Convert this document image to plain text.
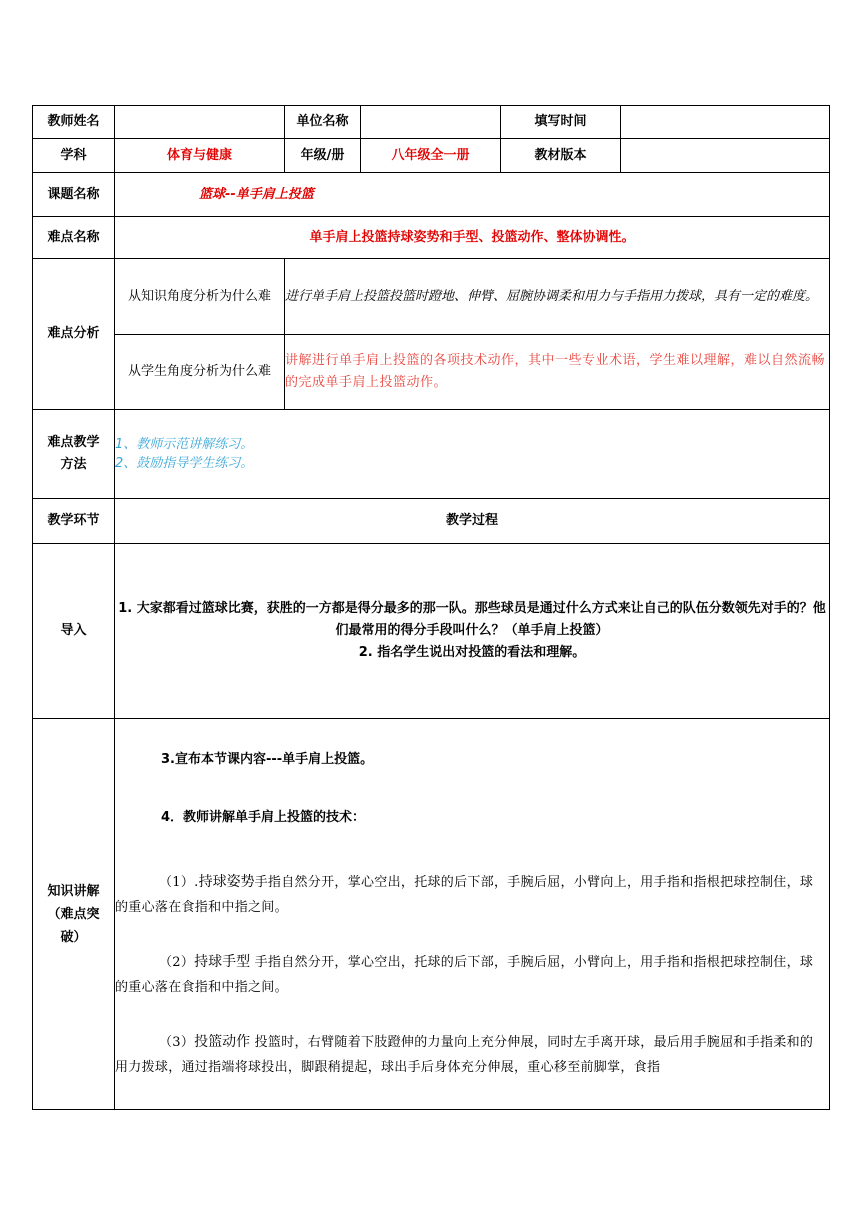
教师姓名		单位名称		填写时间	
学科	体育与健康	年级/册	八年级全一册	教材版本	
课题名称	篮球--单手肩上投篮				
难点名称	单手肩上投篮持球姿势和手型、投篮动作、整体协调性。				
难点分析	从知识角度分析为什么难	进行单手肩上投篮投篮时蹬地、伸臂、屈腕协调柔和用力与手指用力拨球，具有一定的难度。			
	从学生角度分析为什么难	讲解进行单手肩上投篮的各项技术动作，其中一些专业术语，学生难以理解，难以自然流畅的完成单手肩上投篮动作。			

难点教学方法	1、教师示范讲解练习。
2、鼓励指导学生练习。				

教学环节	教学过程				
导入	1. 大家都看过篮球比赛，获胜的一方都是得分最多的那一队。那些球员是通过什么方式来让自己的队伍分数领先对手的？他们最常用的得分手段叫什么？（单手肩上投篮）
2. 指名学生说出对投篮的看法和理解。				

知识讲解（难点突破）	3.宣布本节课内容---单手肩上投篮。
4．教师讲解单手肩上投篮的技术：
（1）.持球姿势手指自然分开，掌心空出，托球的后下部，手腕后屈，小臂向上，用手指和指根把球控制住，球的重心落在食指和中指之间。
（2）持球手型 手指自然分开，掌心空出，托球的后下部，手腕后屈，小臂向上，用手指和指根把球控制住，球的重心落在食指和中指之间。
（3）投篮动作 投篮时，右臂随着下肢蹬伸的力量向上充分伸展，同时左手离开球，最后用手腕屈和手指柔和的用力拨球，通过指端将球投出，脚跟稍提起，球出手后身体充分伸展，重心移至前脚掌，食指				
